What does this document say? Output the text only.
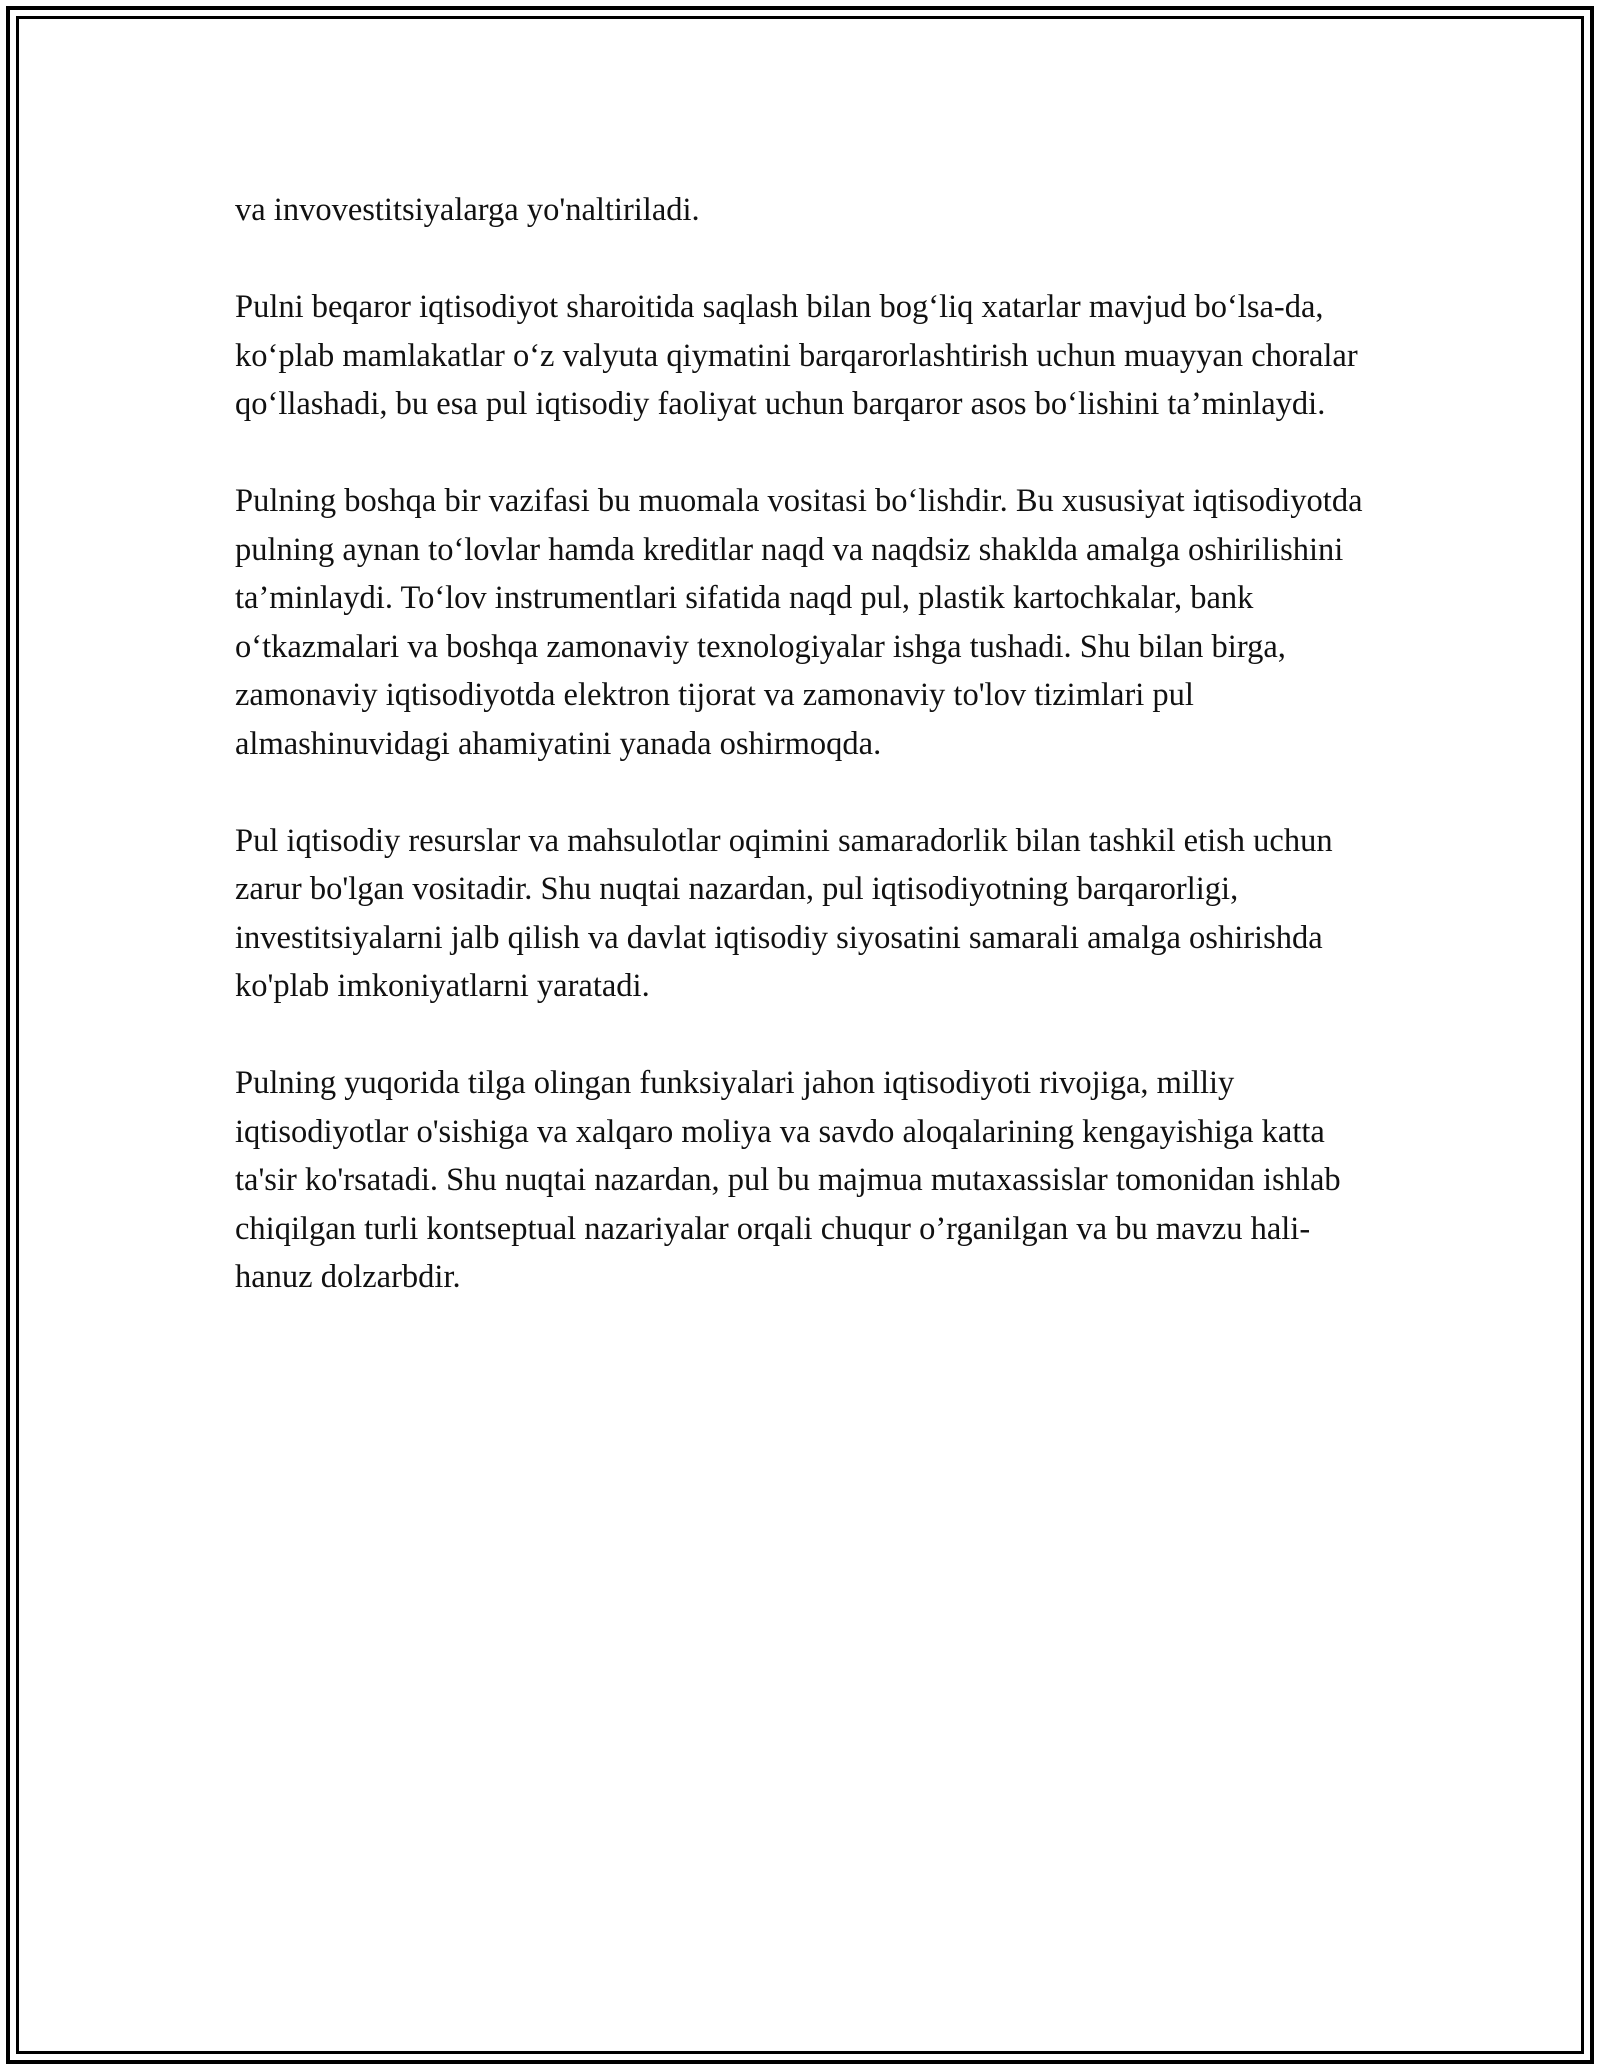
va invovestitsiyalarga yo'naltiriladi.

Pulni beqaror iqtisodiyot sharoitida saqlash bilan bog‘liq xatarlar mavjud bo‘lsa-da, ko‘plab mamlakatlar o‘z valyuta qiymatini barqarorlashtirish uchun muayyan choralar qo‘llashadi, bu esa pul iqtisodiy faoliyat uchun barqaror asos bo‘lishini ta’minlaydi.

Pulning boshqa bir vazifasi bu muomala vositasi bo‘lishdir. Bu xususiyat iqtisodiyotda pulning aynan to‘lovlar hamda kreditlar naqd va naqdsiz shaklda amalga oshirilishini ta’minlaydi. To‘lov instrumentlari sifatida naqd pul, plastik kartochkalar, bank o‘tkazmalari va boshqa zamonaviy texnologiyalar ishga tushadi. Shu bilan birga, zamonaviy iqtisodiyotda elektron tijorat va zamonaviy to'lov tizimlari pul almashinuvidagi ahamiyatini yanada oshirmoqda.

Pul iqtisodiy resurslar va mahsulotlar oqimini samaradorlik bilan tashkil etish uchun zarur bo'lgan vositadir. Shu nuqtai nazardan, pul iqtisodiyotning barqarorligi, investitsiyalarni jalb qilish va davlat iqtisodiy siyosatini samarali amalga oshirishda ko'plab imkoniyatlarni yaratadi.

Pulning yuqorida tilga olingan funksiyalari jahon iqtisodiyoti rivojiga, milliy iqtisodiyotlar o'sishiga va xalqaro moliya va savdo aloqalarining kengayishiga katta ta'sir ko'rsatadi. Shu nuqtai nazardan, pul bu majmua mutaxassislar tomonidan ishlab chiqilgan turli kontseptual nazariyalar orqali chuqur o’rganilgan va bu mavzu hali-hanuz dolzarbdir.
